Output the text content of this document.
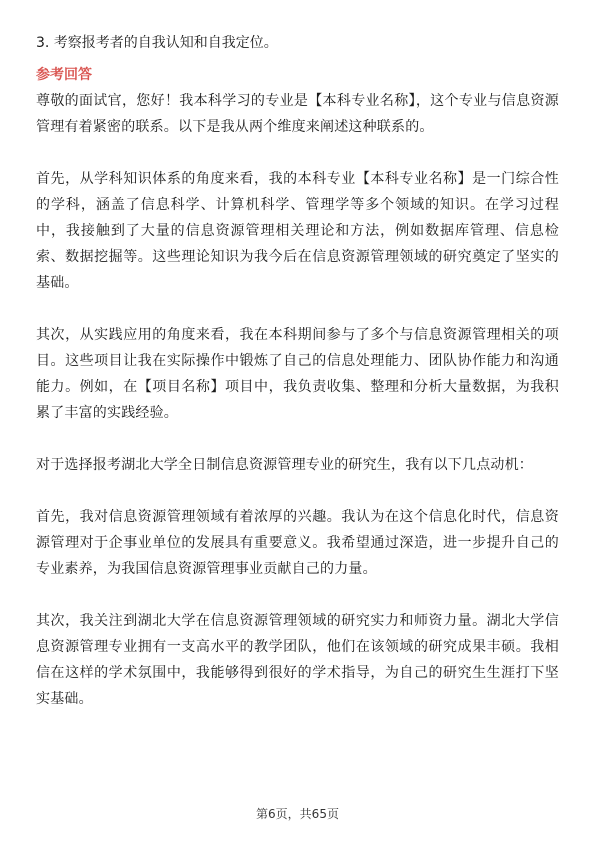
3. 考察报考者的自我认知和自我定位。

参考回答

尊敬的面试官，您好！我本科学习的专业是【本科专业名称】，这个专业与信息资源管理有着紧密的联系。以下是我从两个维度来阐述这种联系的。

首先，从学科知识体系的角度来看，我的本科专业【本科专业名称】是一门综合性的学科，涵盖了信息科学、计算机科学、管理学等多个领域的知识。在学习过程中，我接触到了大量的信息资源管理相关理论和方法，例如数据库管理、信息检索、数据挖掘等。这些理论知识为我今后在信息资源管理领域的研究奠定了坚实的基础。

其次，从实践应用的角度来看，我在本科期间参与了多个与信息资源管理相关的项目。这些项目让我在实际操作中锻炼了自己的信息处理能力、团队协作能力和沟通能力。例如，在【项目名称】项目中，我负责收集、整理和分析大量数据，为我积累了丰富的实践经验。

对于选择报考湖北大学全日制信息资源管理专业的研究生，我有以下几点动机：

首先，我对信息资源管理领域有着浓厚的兴趣。我认为在这个信息化时代，信息资源管理对于企事业单位的发展具有重要意义。我希望通过深造，进一步提升自己的专业素养，为我国信息资源管理事业贡献自己的力量。

其次，我关注到湖北大学在信息资源管理领域的研究实力和师资力量。湖北大学信息资源管理专业拥有一支高水平的教学团队，他们在该领域的研究成果丰硕。我相信在这样的学术氛围中，我能够得到很好的学术指导，为自己的研究生生涯打下坚实基础。

第6页，共65页
